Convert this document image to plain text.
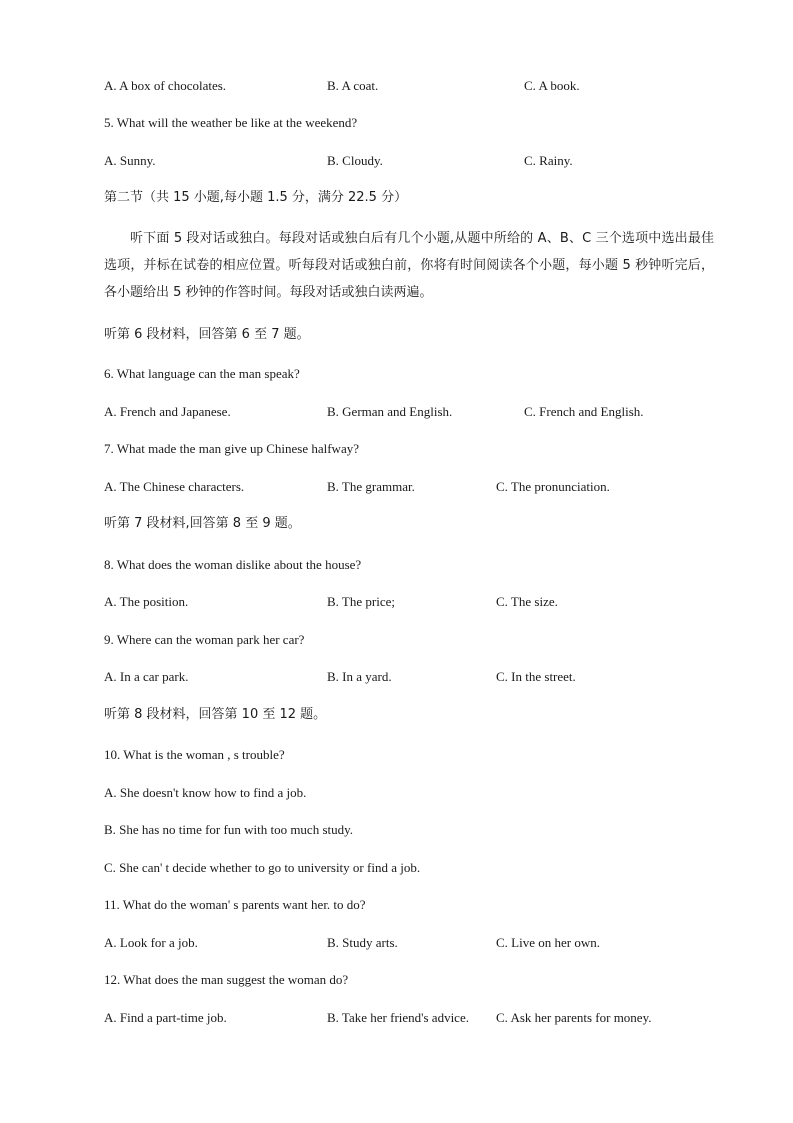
A. A box of chocolates.	B. A coat.	C. A book.
5. What will the weather be like at the weekend?
A. Sunny.	B. Cloudy.	C. Rainy.
第二节（共 15 小题,每小题 1.5 分，满分 22.5 分）
听下面 5 段对话或独白。每段对话或独白后有几个小题,从题中所给的 A、B、C 三个选项中选出最佳选项，并标在试卷的相应位置。听每段对话或独白前，你将有时间阅读各个小题，每小题 5 秒钟听完后，各小题给出 5 秒钟的作答时间。每段对话或独白读两遍。
听第 6 段材料，回答第 6 至 7 题。
6. What language can the man speak?
A. French and Japanese.	B. German and English.	C. French and English.
7. What made the man give up Chinese halfway?
A. The Chinese characters.	B. The grammar.	C. The pronunciation.
听第 7 段材料,回答第 8 至 9 题。
8. What does the woman dislike about the house?
A. The position.	B. The price;	C. The size.
9. Where can the woman park her car?
A. In a car park.	B. In a yard.	C. In the street.
听第 8 段材料，回答第 10 至 12 题。
10. What is the woman , s trouble?
A. She doesn't know how to find a job.
B. She has no time for fun with too much study.
C. She can' t decide whether to go to university or find a job.
11. What do the woman' s parents want her. to do?
A. Look for a job.	B. Study arts.	C. Live on her own.
12. What does the man suggest the woman do?
A. Find a part-time job.	B. Take her friend's advice. C. Ask her parents for money.
